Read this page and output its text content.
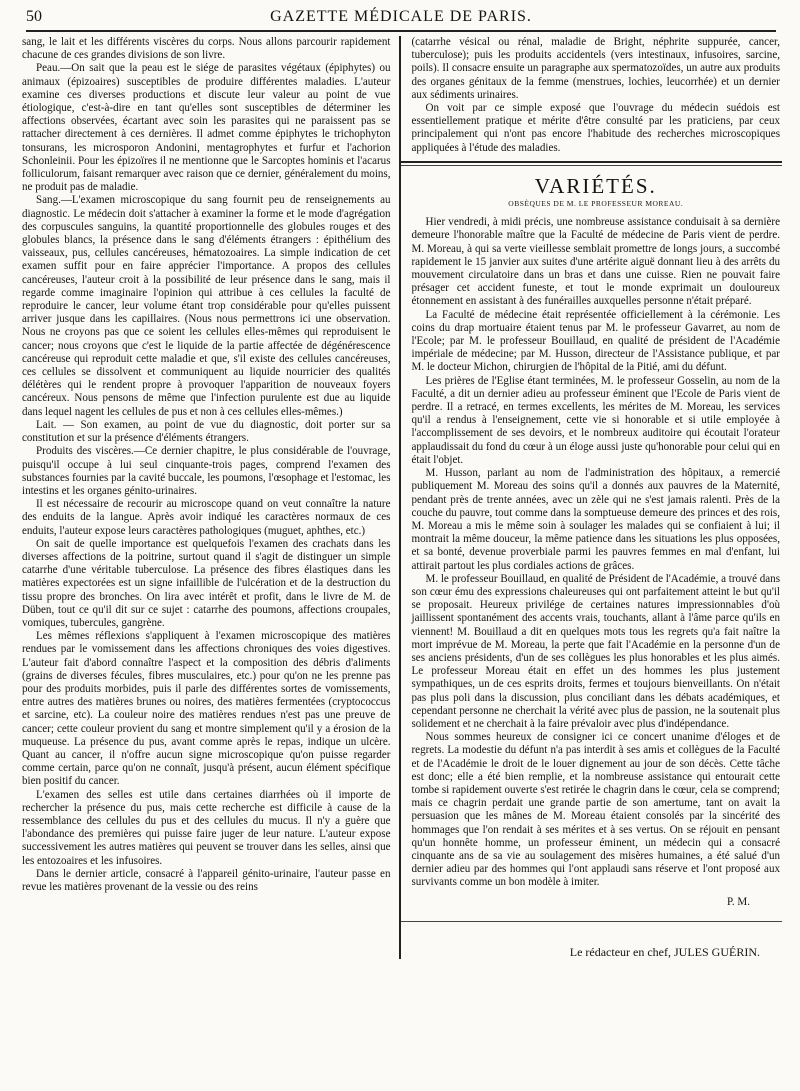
50	GAZETTE MÉDICALE DE PARIS.

sang, le lait et les différents viscères du corps. Nous allons parcourir rapidement chacune de ces grandes divisions de son livre.

Peau.—On sait que la peau est le siége de parasites végétaux (épiphytes) ou animaux (épizoaires) susceptibles de produire différentes maladies. L'auteur examine ces diverses productions et discute leur valeur au point de vue étiologique, c'est-à-dire en tant qu'elles sont susceptibles de déterminer les affections observées, écartant avec soin les parasites qui ne paraissent pas se rattacher directement à ces dernières. Il admet comme épiphytes le trichophyton tonsurans, les microsporon Andonini, mentagrophytes et furfur et l'achorion Schonleinii. Pour les épizoïres il ne mentionne que le Sarcoptes hominis et l'acarus folliculorum, faisant remarquer avec raison que ce dernier, généralement du moins, ne produit pas de maladie.

Sang.—L'examen microscopique du sang fournit peu de renseignements au diagnostic. Le médecin doit s'attacher à examiner la forme et le mode d'agrégation des corpuscules sanguins, la quantité proportionnelle des globules rouges et des globules blancs, la présence dans le sang d'éléments étrangers : épithélium des vaisseaux, pus, cellules cancéreuses, hématozoaires. La simple indication de cet examen suffit pour en faire apprécier l'importance. A propos des cellules cancéreuses, l'auteur croit à la possibilité de leur présence dans le sang, mais il regarde comme imaginaire l'opinion qui attribue à ces cellules la faculté de reproduire le cancer, leur volume étant trop considérable pour qu'elles puissent arriver jusque dans les capillaires. (Nous nous permettrons ici une observation. Nous ne croyons pas que ce soient les cellules elles-mêmes qui reproduisent le cancer; nous croyons que c'est le liquide de la partie affectée de dégénérescence cancéreuse qui reproduit cette maladie et que, s'il existe des cellules cancéreuses, ces cellules se dissolvent et communiquent au liquide nourricier des qualités délétères qui le rendent propre à provoquer l'apparition de nouveaux foyers cancéreux. Nous pensons de même que l'infection purulente est due au liquide dans lequel nagent les cellules de pus et non à ces cellules elles-mêmes.)

Lait. — Son examen, au point de vue du diagnostic, doit porter sur sa constitution et sur la présence d'éléments étrangers.

Produits des viscères.—Ce dernier chapitre, le plus considérable de l'ouvrage, puisqu'il occupe à lui seul cinquante-trois pages, comprend l'examen des substances fournies par la cavité buccale, les poumons, l'œsophage et l'estomac, les intestins et les organes génito-urinaires.

Il est nécessaire de recourir au microscope quand on veut connaître la nature des enduits de la langue. Après avoir indiqué les caractères normaux de ces enduits, l'auteur expose leurs caractères pathologiques (muguet, aphthes, etc.)

On sait de quelle importance est quelquefois l'examen des crachats dans les diverses affections de la poitrine, surtout quand il s'agit de distinguer un simple catarrhe d'une véritable tuberculose. La présence des fibres élastiques dans les matières expectorées est un signe infaillible de l'ulcération et de la destruction du tissu propre des bronches. On lira avec intérêt et profit, dans le livre de M. de Düben, tout ce qu'il dit sur ce sujet : catarrhe des poumons, affections croupales, vomiques, tubercules, gangrène.

Les mêmes réflexions s'appliquent à l'examen microscopique des matières rendues par le vomissement dans les affections chroniques des voies digestives. L'auteur fait d'abord connaître l'aspect et la composition des débris d'aliments (grains de diverses fécules, fibres musculaires, etc.) pour qu'on ne les prenne pas pour des produits morbides, puis il parle des différentes sortes de vomissements, entre autres des matières brunes ou noires, des matières fermentées (cryptococcus et sarcine, etc). La couleur noire des matières rendues n'est pas une preuve de cancer; cette couleur provient du sang et montre simplement qu'il y a érosion de la muqueuse. La présence du pus, avant comme après le repas, indique un ulcère. Quant au cancer, il n'offre aucun signe microscopique qu'on puisse regarder comme certain, parce qu'on ne connaît, jusqu'à présent, aucun élément spécifique bien positif du cancer.

L'examen des selles est utile dans certaines diarrhées où il importe de rechercher la présence du pus, mais cette recherche est difficile à cause de la ressemblance des cellules du pus et des cellules du mucus. Il n'y a guère que l'abondance des premières qui puisse faire juger de leur nature. L'auteur expose successivement les autres matières qui peuvent se trouver dans les selles, ainsi que les entozoaires et les infusoires.

Dans le dernier article, consacré à l'appareil génito-urinaire, l'auteur passe en revue les matières provenant de la vessie ou des reins

(catarrhe vésical ou rénal, maladie de Bright, néphrite suppurée, cancer, tuberculose); puis les produits accidentels (vers intestinaux, infusoires, sarcine, poils). Il consacre ensuite un paragraphe aux spermatozoïdes, un autre aux produits des organes génitaux de la femme (menstrues, lochies, leucorrhée) et un dernier aux sédiments urinaires.

On voit par ce simple exposé que l'ouvrage du médecin suédois est essentiellement pratique et mérite d'être consulté par les praticiens, par ceux principalement qui n'ont pas encore l'habitude des recherches microscopiques appliquées à l'étude des maladies.

VARIÉTÉS.
OBSÈQUES DE M. LE PROFESSEUR MOREAU.

Hier vendredi, à midi précis, une nombreuse assistance conduisait à sa dernière demeure l'honorable maître que la Faculté de médecine de Paris vient de perdre. M. Moreau, à qui sa verte vieillesse semblait promettre de longs jours, a succombé rapidement le 15 janvier aux suites d'une artérite aiguë donnant lieu à des arrêts du mouvement circulatoire dans un bras et dans une cuisse. Rien ne pouvait faire présager cet accident funeste, et tout le monde exprimait un douloureux étonnement en assistant à des funérailles auxquelles personne n'était préparé.

La Faculté de médecine était représentée officiellement à la cérémonie. Les coins du drap mortuaire étaient tenus par M. le professeur Gavarret, au nom de l'Ecole; par M. le professeur Bouillaud, en qualité de président de l'Académie impériale de médecine; par M. Husson, directeur de l'Assistance publique, et par M. le docteur Michon, chirurgien de l'hôpital de la Pitié, ami du défunt.

Les prières de l'Eglise étant terminées, M. le professeur Gosselin, au nom de la Faculté, a dit un dernier adieu au professeur éminent que l'Ecole de Paris vient de perdre. Il a retracé, en termes excellents, les mérites de M. Moreau, les services qu'il a rendus à l'enseignement, cette vie si honorable et si utile employée à l'accomplissement de ses devoirs, et le nombreux auditoire qui écoutait l'orateur applaudissait du fond du cœur à un éloge aussi juste qu'honorable pour celui qui en était l'objet.

M. Husson, parlant au nom de l'administration des hôpitaux, a remercié publiquement M. Moreau des soins qu'il a donnés aux pauvres de la Maternité, pendant près de trente années, avec un zèle qui ne s'est jamais ralenti. Près de la couche du pauvre, tout comme dans la somptueuse demeure des princes et des rois, M. Moreau a mis le même soin à soulager les malades qui se confiaient à lui; il montrait la même douceur, la même patience dans les situations les plus opposées, et sa bonté, devenue proverbiale parmi les pauvres femmes en mal d'enfant, lui attirait partout les plus cordiales actions de grâces.

M. le professeur Bouillaud, en qualité de Président de l'Académie, a trouvé dans son cœur ému des expressions chaleureuses qui ont parfaitement atteint le but qu'il se proposait. Heureux privilége de certaines natures impressionnables d'où jaillissent spontanément des accents vrais, touchants, allant à l'âme parce qu'ils en viennent! M. Bouillaud a dit en quelques mots tous les regrets qu'a fait naître la mort imprévue de M. Moreau, la perte que fait l'Académie en la personne d'un de ses anciens présidents, d'un de ses collègues les plus honorables et les plus aimés. Le professeur Moreau était en effet un des hommes les plus justement sympathiques, un de ces esprits droits, fermes et toujours bienveillants. On n'était pas plus poli dans la discussion, plus conciliant dans les débats académiques, et cependant personne ne cherchait la vérité avec plus de passion, ne la soutenait plus solidement et ne cherchait à la faire prévaloir avec plus d'indépendance.

Nous sommes heureux de consigner ici ce concert unanime d'éloges et de regrets. La modestie du défunt n'a pas interdit à ses amis et collègues de la Faculté et de l'Académie le droit de le louer dignement au jour de son décès. Cette tâche est donc; elle a été bien remplie, et la nombreuse assistance qui entourait cette tombe si rapidement ouverte s'est retirée le chagrin dans le cœur, cela se comprend; mais ce chagrin perdait une grande partie de son amertume, tant on avait la persuasion que les mânes de M. Moreau étaient consolés par la sincérité des hommages que l'on rendait à ses mérites et à ses vertus. On se réjouit en pensant qu'un honnête homme, un professeur éminent, un médecin qui a consacré cinquante ans de sa vie au soulagement des misères humaines, a été salué d'un dernier adieu par des hommes qui l'ont applaudi sans réserve et l'ont proposé aux survivants comme un bon modèle à imiter.

P. M.

Le rédacteur en chef, JULES GUÉRIN.
